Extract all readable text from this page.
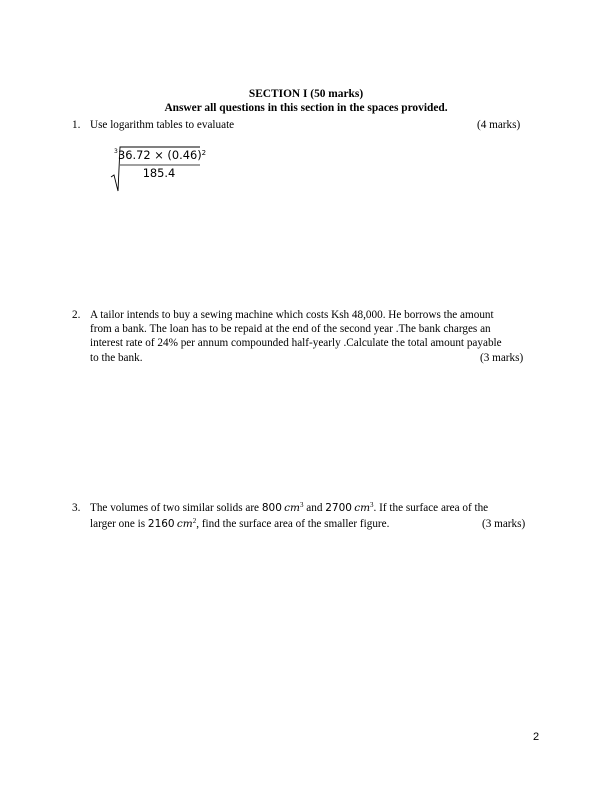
SECTION I (50 marks)
Answer all questions in this section in the spaces provided.
1. Use logarithm tables to evaluate	(4 marks)
3 $36.72 \times (0.46)^2$
185.4
2. A tailor intends to buy a sewing machine which costs Ksh 48,000. He borrows the amount
from a bank. The loan has to be repaid at the end of the second year .The bank charges an
interest rate of 24% per annum compounded half-yearly .Calculate the total amount payable
to the bank.	(3 marks)
3. The volumes of two similar solids are 800  $cm^3$ and 2700  $cm^3$. If the surface area of the
larger one is 2160  $cm^2$, find the surface area of the smaller figure.	(3 marks)
2
